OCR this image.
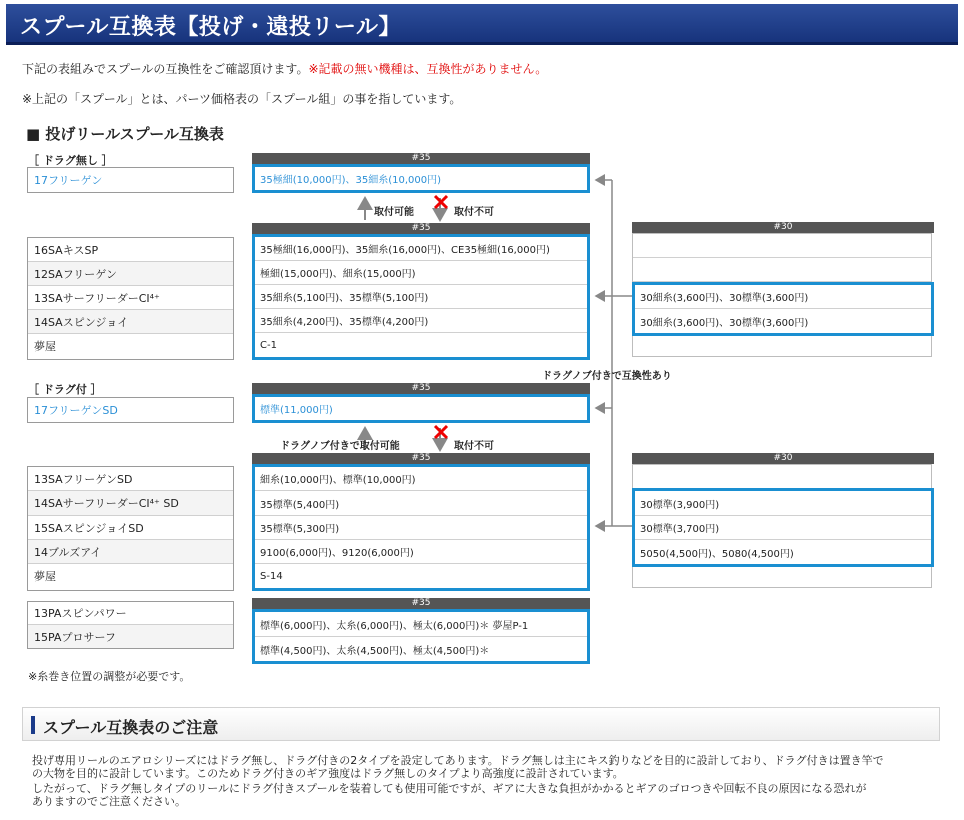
スプール互換表【投げ・遠投リール】
下記の表組みでスプールの互換性をご確認頂けます。※記載の無い機種は、互換性がありません。
※上記の「スプール」とは、パーツ価格表の「スプール組」の事を指しています。
■ 投げリールスプール互換表
［ ドラグ無し ］
［ ドラグ付 ］
17フリーゲン
16SAキスSP
12SAフリーゲン
13SAサーフリーダーCI⁴⁺
14SAスピンジョイ
夢屋
17フリーゲンSD
13SAフリーゲンSD
14SAサーフリーダーCI⁴⁺ SD
15SAスピンジョイSD
14ブルズアイ
夢屋
13PAスピンパワー
15PAプロサーフ
#35
35極細(10,000円)、35細糸(10,000円)
#35
35極細(16,000円)、35細糸(16,000円)、CE35極細(16,000円)
極細(15,000円)、細糸(15,000円)
35細糸(5,100円)、35標準(5,100円)
35細糸(4,200円)、35標準(4,200円)
C-1
#35
標準(11,000円)
#35
細糸(10,000円)、標準(10,000円)
35標準(5,400円)
35標準(5,300円)
9100(6,000円)、9120(6,000円)
S-14
#35
標準(6,000円)、太糸(6,000円)、極太(6,000円)＊ 夢屋P-1
標準(4,500円)、太糸(4,500円)、極太(4,500円)＊
#30
30細糸(3,600円)、30標準(3,600円)
30細糸(3,600円)、30標準(3,600円)
#30
30標準(3,900円)
30標準(3,700円)
5050(4,500円)、5080(4,500円)
取付可能	取付不可
ドラグノブ付きで互換性あり
ドラグノブ付きで取付可能	取付不可
※糸巻き位置の調整が必要です。
スプール互換表のご注意
投げ専用リールのエアロシリーズにはドラグ無し、ドラグ付きの2タイプを設定してあります。ドラグ無しは主にキス釣りなどを目的に設計しており、ドラグ付きは置き竿で
の大物を目的に設計しています。このためドラグ付きのギア強度はドラグ無しのタイプより高強度に設計されています。
したがって、ドラグ無しタイプのリールにドラグ付きスプールを装着しても使用可能ですが、ギアに大きな負担がかかるとギアのゴロつきや回転不良の原因になる恐れが
ありますのでご注意ください。
